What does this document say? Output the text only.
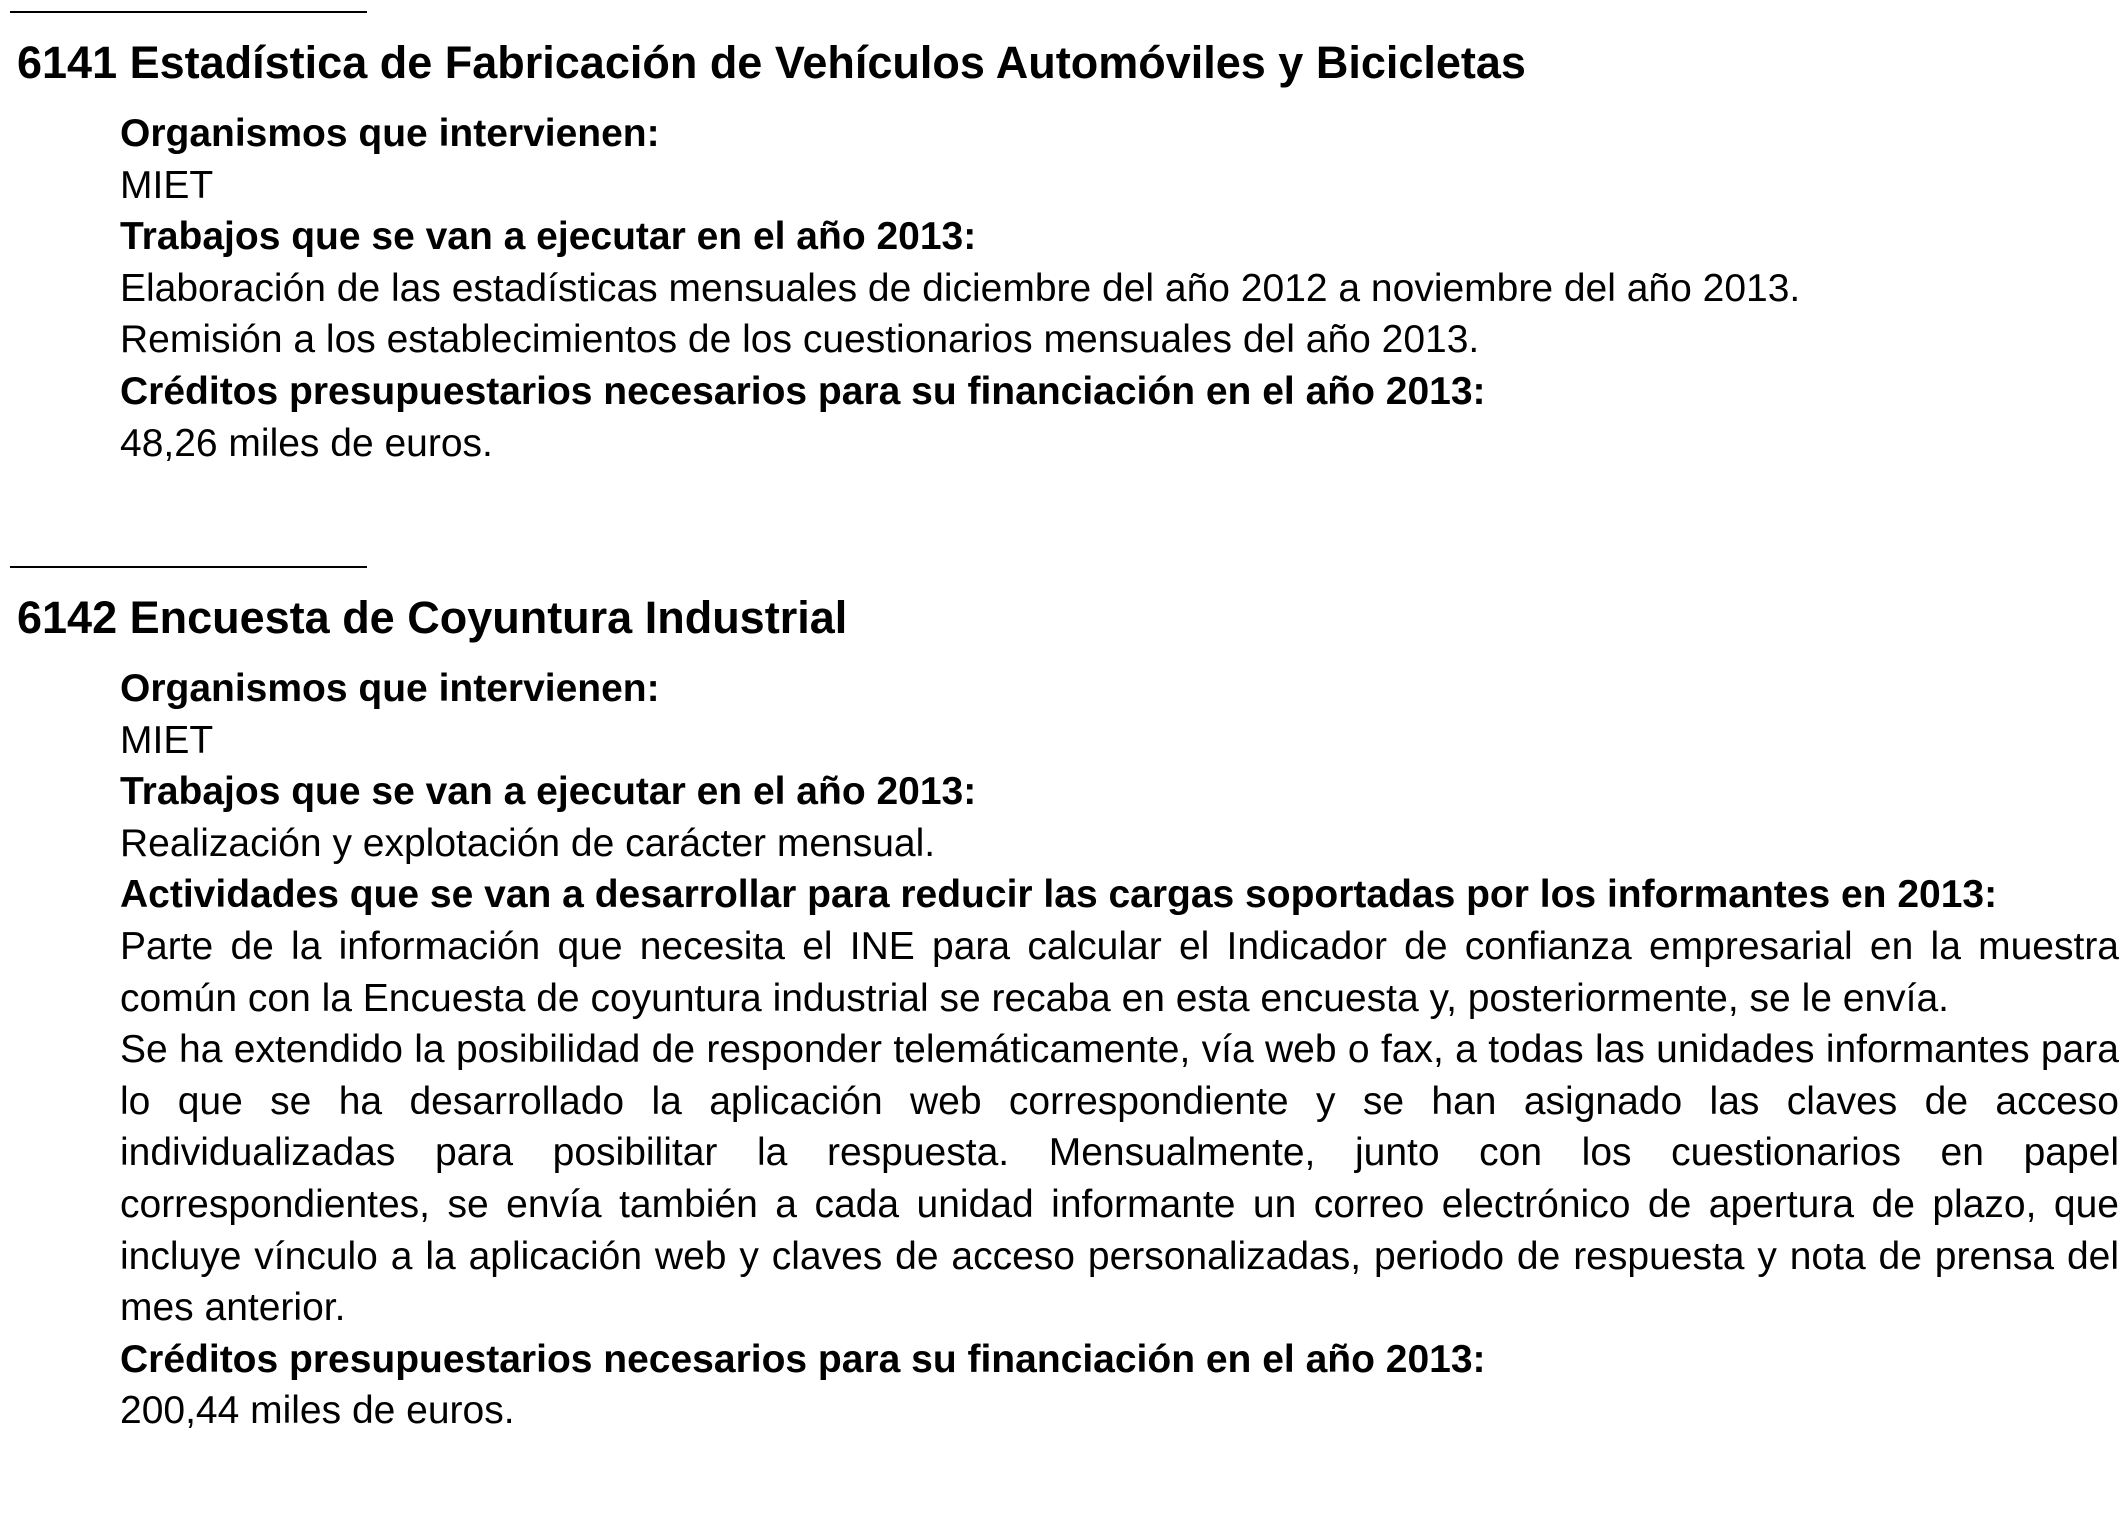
6141 Estadística de Fabricación de Vehículos Automóviles y Bicicletas

Organismos que intervienen:

MIET

Trabajos que se van a ejecutar en el año 2013:

Elaboración de las estadísticas mensuales de diciembre del año 2012 a noviembre del año 2013.

Remisión a los establecimientos de los cuestionarios mensuales del año 2013.

Créditos presupuestarios necesarios para su financiación en el año 2013:

48,26 miles de euros.

6142 Encuesta de Coyuntura Industrial

Organismos que intervienen:

MIET

Trabajos que se van a ejecutar en el año 2013:

Realización y explotación de carácter mensual.

Actividades que se van a desarrollar para reducir las cargas soportadas por los informantes en 2013:

Parte de la información que necesita el INE para calcular el Indicador de confianza empresarial en la muestra común con la Encuesta de coyuntura industrial se recaba en esta encuesta y, posteriormente, se le envía.

Se ha extendido la posibilidad de responder telemáticamente, vía web o fax, a todas las unidades informantes para lo que se ha desarrollado la aplicación web correspondiente y se han asignado las claves de acceso individualizadas para posibilitar la respuesta. Mensualmente, junto con los cuestionarios en papel correspondientes, se envía también a cada unidad informante un correo electrónico de apertura de plazo, que incluye vínculo a la aplicación web y claves de acceso personalizadas, periodo de respuesta y nota de prensa del mes anterior.

Créditos presupuestarios necesarios para su financiación en el año 2013:

200,44 miles de euros.
